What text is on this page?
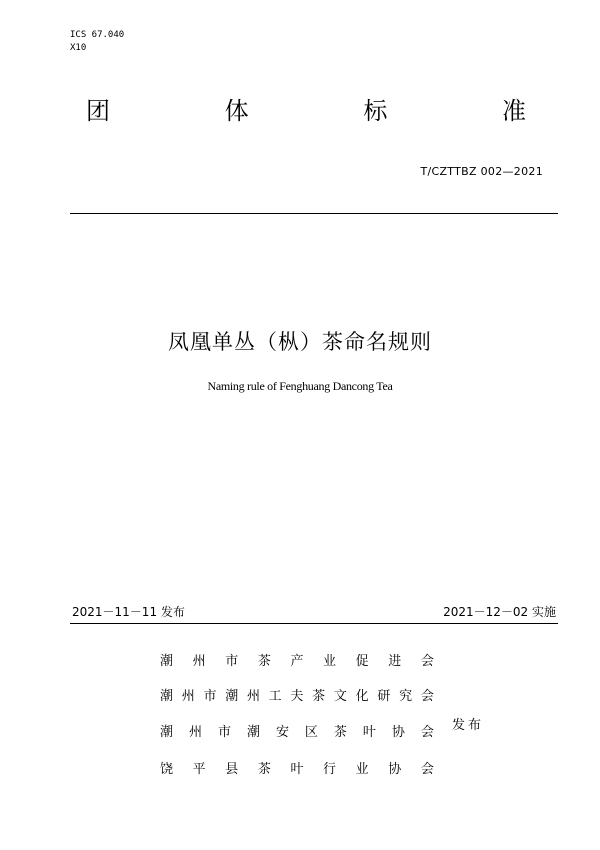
ICS 67.040
X10
团	体	标	准
T/CZTTBZ 002—2021
凤凰单丛（枞）茶命名规则
Naming rule of Fenghuang Dancong Tea
2021－11－11 发布	2021－12－02 实施
潮 州 市 茶 产 业 促 进 会
潮 州 市 潮 州 工 夫 茶 文 化 研 究 会
潮 州 市 潮 安 区 茶 叶 协 会
饶 平 县 茶 叶 行 业 协 会
发布
